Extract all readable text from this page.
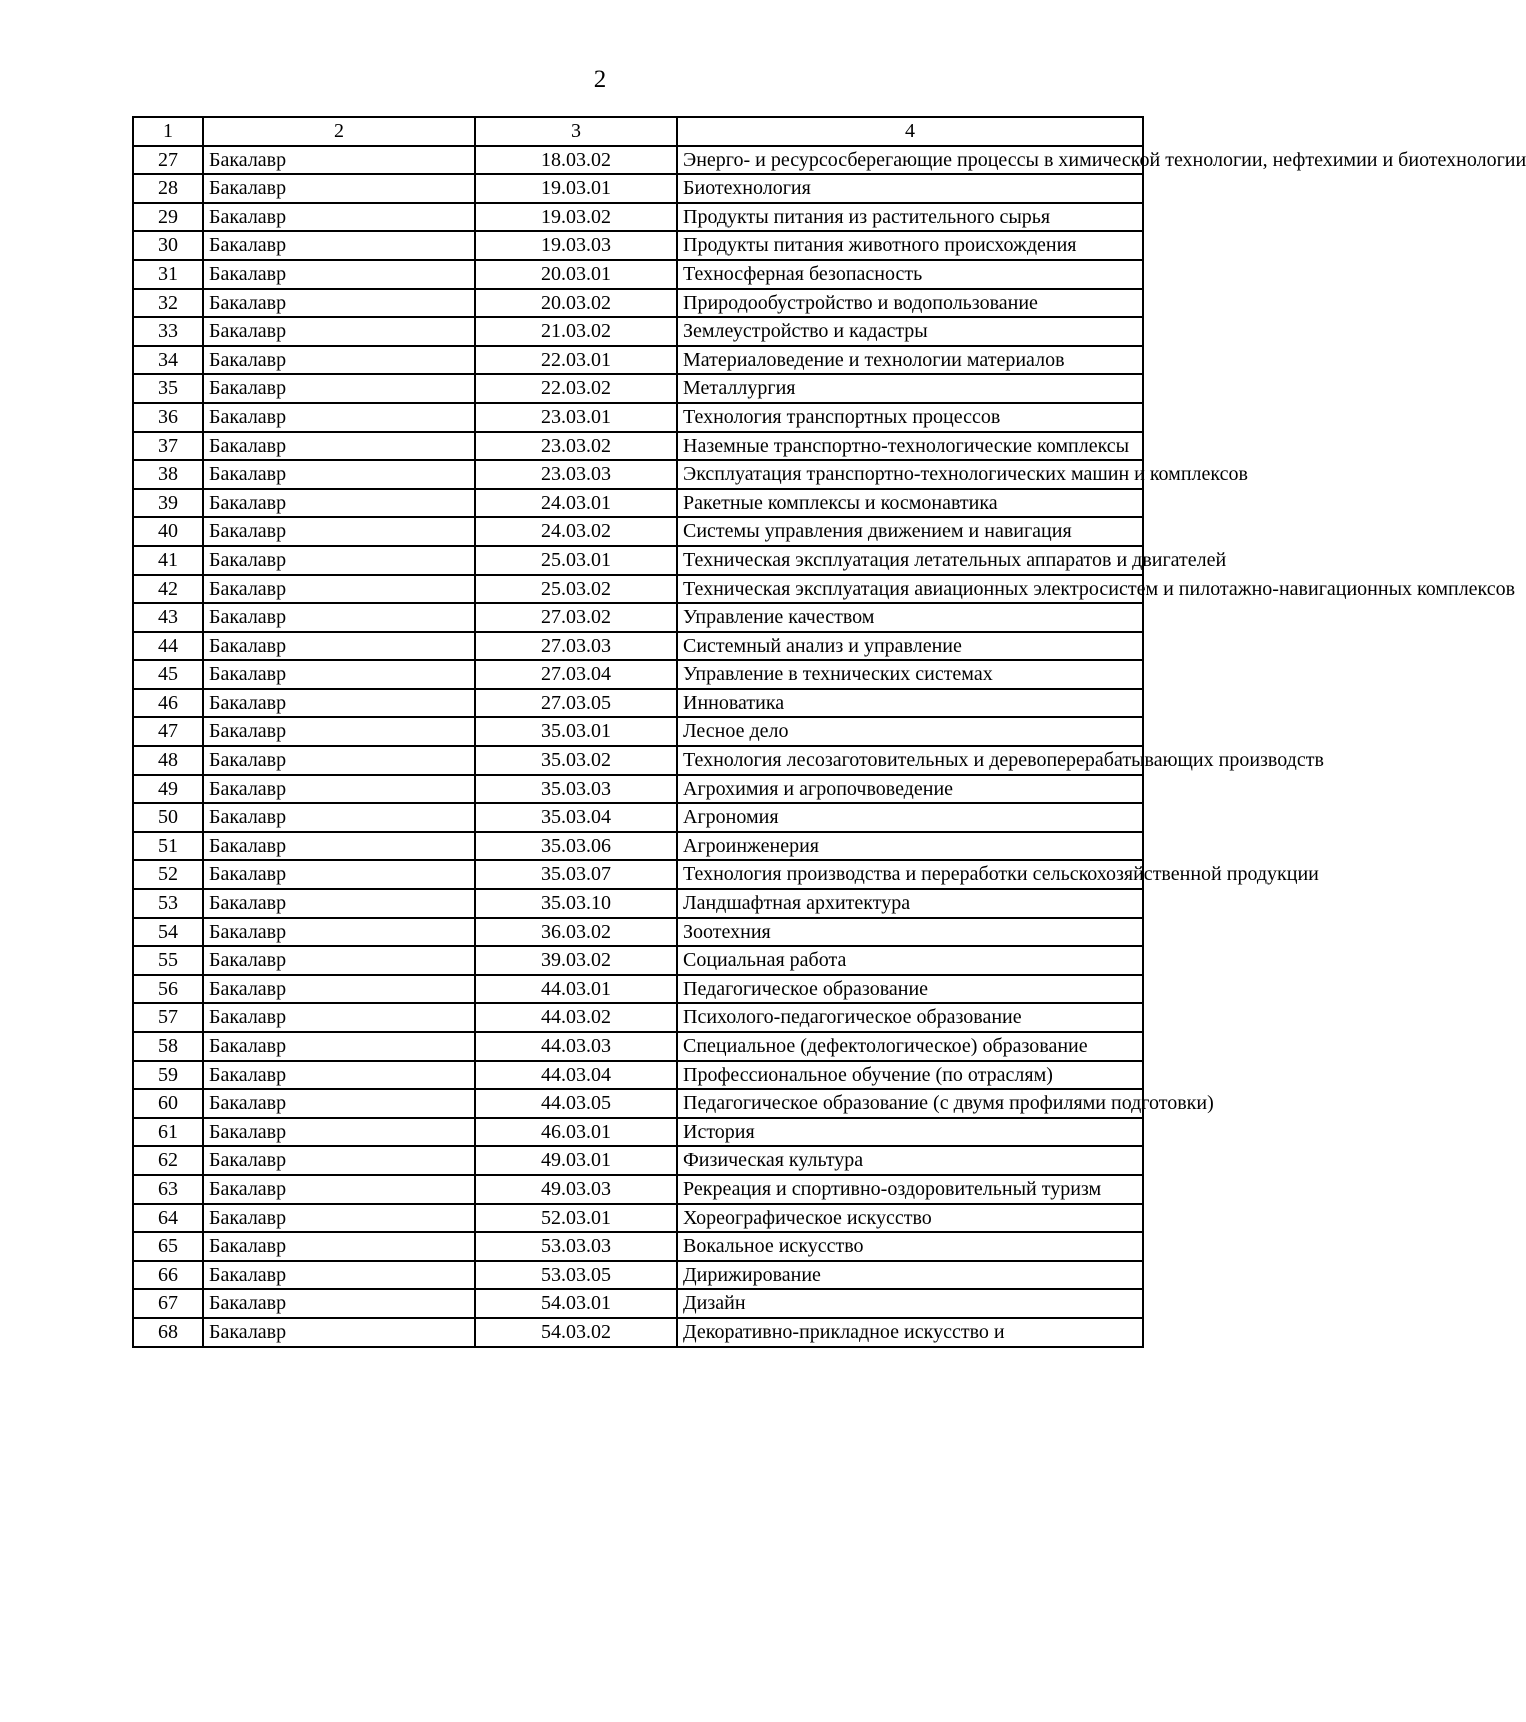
2
1	2	3	4
27	Бакалавр	18.03.02	Энерго- и ресурсосберегающие процессы в химической технологии, нефтехимии и биотехнологии
28	Бакалавр	19.03.01	Биотехнология
29	Бакалавр	19.03.02	Продукты питания из растительного сырья
30	Бакалавр	19.03.03	Продукты питания животного происхождения
31	Бакалавр	20.03.01	Техносферная безопасность
32	Бакалавр	20.03.02	Природообустройство и водопользование
33	Бакалавр	21.03.02	Землеустройство и кадастры
34	Бакалавр	22.03.01	Материаловедение и технологии материалов
35	Бакалавр	22.03.02	Металлургия
36	Бакалавр	23.03.01	Технология транспортных процессов
37	Бакалавр	23.03.02	Наземные транспортно-технологические комплексы
38	Бакалавр	23.03.03	Эксплуатация транспортно-технологических машин и комплексов
39	Бакалавр	24.03.01	Ракетные комплексы и космонавтика
40	Бакалавр	24.03.02	Системы управления движением и навигация
41	Бакалавр	25.03.01	Техническая эксплуатация летательных аппаратов и двигателей
42	Бакалавр	25.03.02	Техническая эксплуатация авиационных электросистем и пилотажно-навигационных комплексов
43	Бакалавр	27.03.02	Управление качеством
44	Бакалавр	27.03.03	Системный анализ и управление
45	Бакалавр	27.03.04	Управление в технических системах
46	Бакалавр	27.03.05	Инноватика
47	Бакалавр	35.03.01	Лесное дело
48	Бакалавр	35.03.02	Технология лесозаготовительных и деревоперерабатывающих производств
49	Бакалавр	35.03.03	Агрохимия и агропочвоведение
50	Бакалавр	35.03.04	Агрономия
51	Бакалавр	35.03.06	Агроинженерия
52	Бакалавр	35.03.07	Технология производства и переработки сельскохозяйственной продукции
53	Бакалавр	35.03.10	Ландшафтная архитектура
54	Бакалавр	36.03.02	Зоотехния
55	Бакалавр	39.03.02	Социальная работа
56	Бакалавр	44.03.01	Педагогическое образование
57	Бакалавр	44.03.02	Психолого-педагогическое образование
58	Бакалавр	44.03.03	Специальное (дефектологическое) образование
59	Бакалавр	44.03.04	Профессиональное обучение (по отраслям)
60	Бакалавр	44.03.05	Педагогическое образование (с двумя профилями подготовки)
61	Бакалавр	46.03.01	История
62	Бакалавр	49.03.01	Физическая культура
63	Бакалавр	49.03.03	Рекреация и спортивно-оздоровительный туризм
64	Бакалавр	52.03.01	Хореографическое искусство
65	Бакалавр	53.03.03	Вокальное искусство
66	Бакалавр	53.03.05	Дирижирование
67	Бакалавр	54.03.01	Дизайн
68	Бакалавр	54.03.02	Декоративно-прикладное искусство и
